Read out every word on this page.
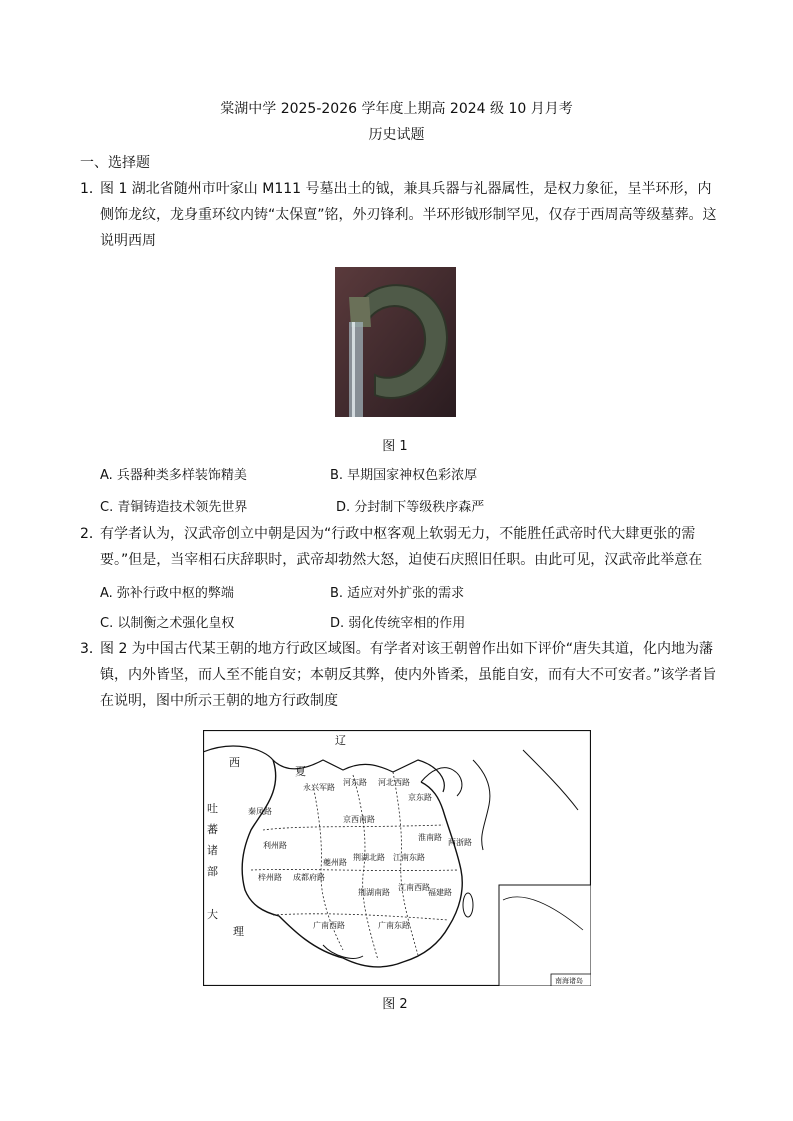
棠湖中学 2025-2026 学年度上期高 2024 级 10 月月考
历史试题
一、选择题
1．
图 1 湖北省随州市叶家山 M111 号墓出土的钺，兼具兵器与礼器属性，是权力象征，呈半环形，内侧饰龙纹，龙身重环纹内铸“太保亶”铭，外刃锋利。半环形钺形制罕见，仅存于西周高等级墓葬。这说明西周
图 1
A. 兵器种类多样装饰精美	B. 早期国家神权色彩浓厚
C. 青铜铸造技术领先世界	D. 分封制下等级秩序森严
2．
有学者认为，汉武帝创立中朝是因为“行政中枢客观上软弱无力，不能胜任武帝时代大肆更张的需要。”但是，当宰相石庆辞职时，武帝却勃然大怒，迫使石庆照旧任职。由此可见，汉武帝此举意在
A. 弥补行政中枢的弊端	B. 适应对外扩张的需求
C. 以制衡之术强化皇权	D. 弱化传统宰相的作用
3．
图 2 为中国古代某王朝的地方行政区域图。有学者对该王朝曾作出如下评价“唐失其道，化内地为藩镇，内外皆坚，而人至不能自安；本朝反其弊，使内外皆柔，虽能自安，而有大不可安者。”该学者旨在说明，图中所示王朝的地方行政制度
辽
西
夏
吐
蕃
诸
部
大
理
永兴军路
河东路 河北西路
京东路
秦凤路
京西南路
利州路
淮南路
两浙路
梓州路 成都府路
夔州路
荆湖北路 江南东路
荆湖南路
江南西路
福建路
广南西路	广南东路
南海诸岛
图 2
